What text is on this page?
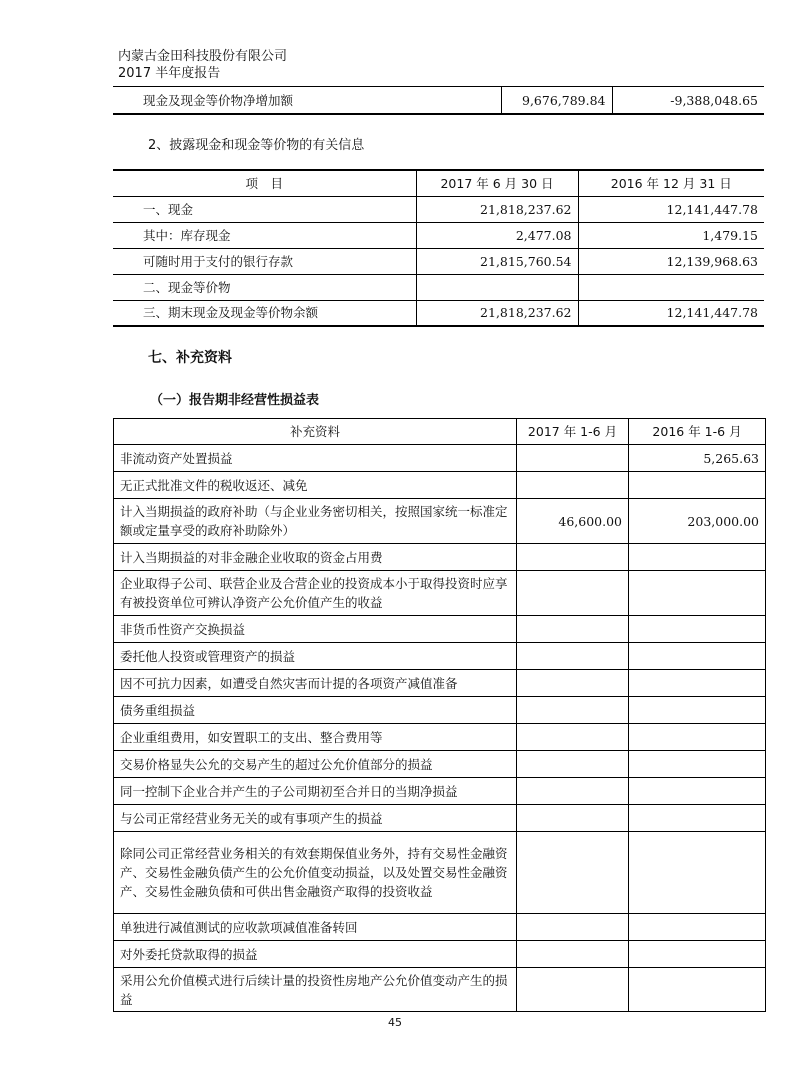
内蒙古金田科技股份有限公司
2017 半年度报告
现金及现金等价物净增加额	9,676,789.84	-9,388,048.65
2、披露现金和现金等价物的有关信息
项　目	2017 年 6 月 30 日	2016 年 12 月 31 日
一、现金	21,818,237.62	12,141,447.78
其中：库存现金	2,477.08	1,479.15
可随时用于支付的银行存款	21,815,760.54	12,139,968.63
二、现金等价物		
三、期末现金及现金等价物余额	21,818,237.62	12,141,447.78
七、补充资料
（一）报告期非经营性损益表
补充资料	2017 年 1-6 月	2016 年 1-6 月
非流动资产处置损益		5,265.63
无正式批准文件的税收返还、减免		
计入当期损益的政府补助（与企业业务密切相关，按照国家统一标准定额或定量享受的政府补助除外）	46,600.00	203,000.00
计入当期损益的对非金融企业收取的资金占用费		
企业取得子公司、联营企业及合营企业的投资成本小于取得投资时应享有被投资单位可辨认净资产公允价值产生的收益		
非货币性资产交换损益		
委托他人投资或管理资产的损益		
因不可抗力因素，如遭受自然灾害而计提的各项资产减值准备		
债务重组损益		
企业重组费用，如安置职工的支出、整合费用等		
交易价格显失公允的交易产生的超过公允价值部分的损益		
同一控制下企业合并产生的子公司期初至合并日的当期净损益		
与公司正常经营业务无关的或有事项产生的损益		
除同公司正常经营业务相关的有效套期保值业务外，持有交易性金融资产、交易性金融负债产生的公允价值变动损益，以及处置交易性金融资产、交易性金融负债和可供出售金融资产取得的投资收益		
单独进行减值测试的应收款项减值准备转回		
对外委托贷款取得的损益		
采用公允价值模式进行后续计量的投资性房地产公允价值变动产生的损益		
45
